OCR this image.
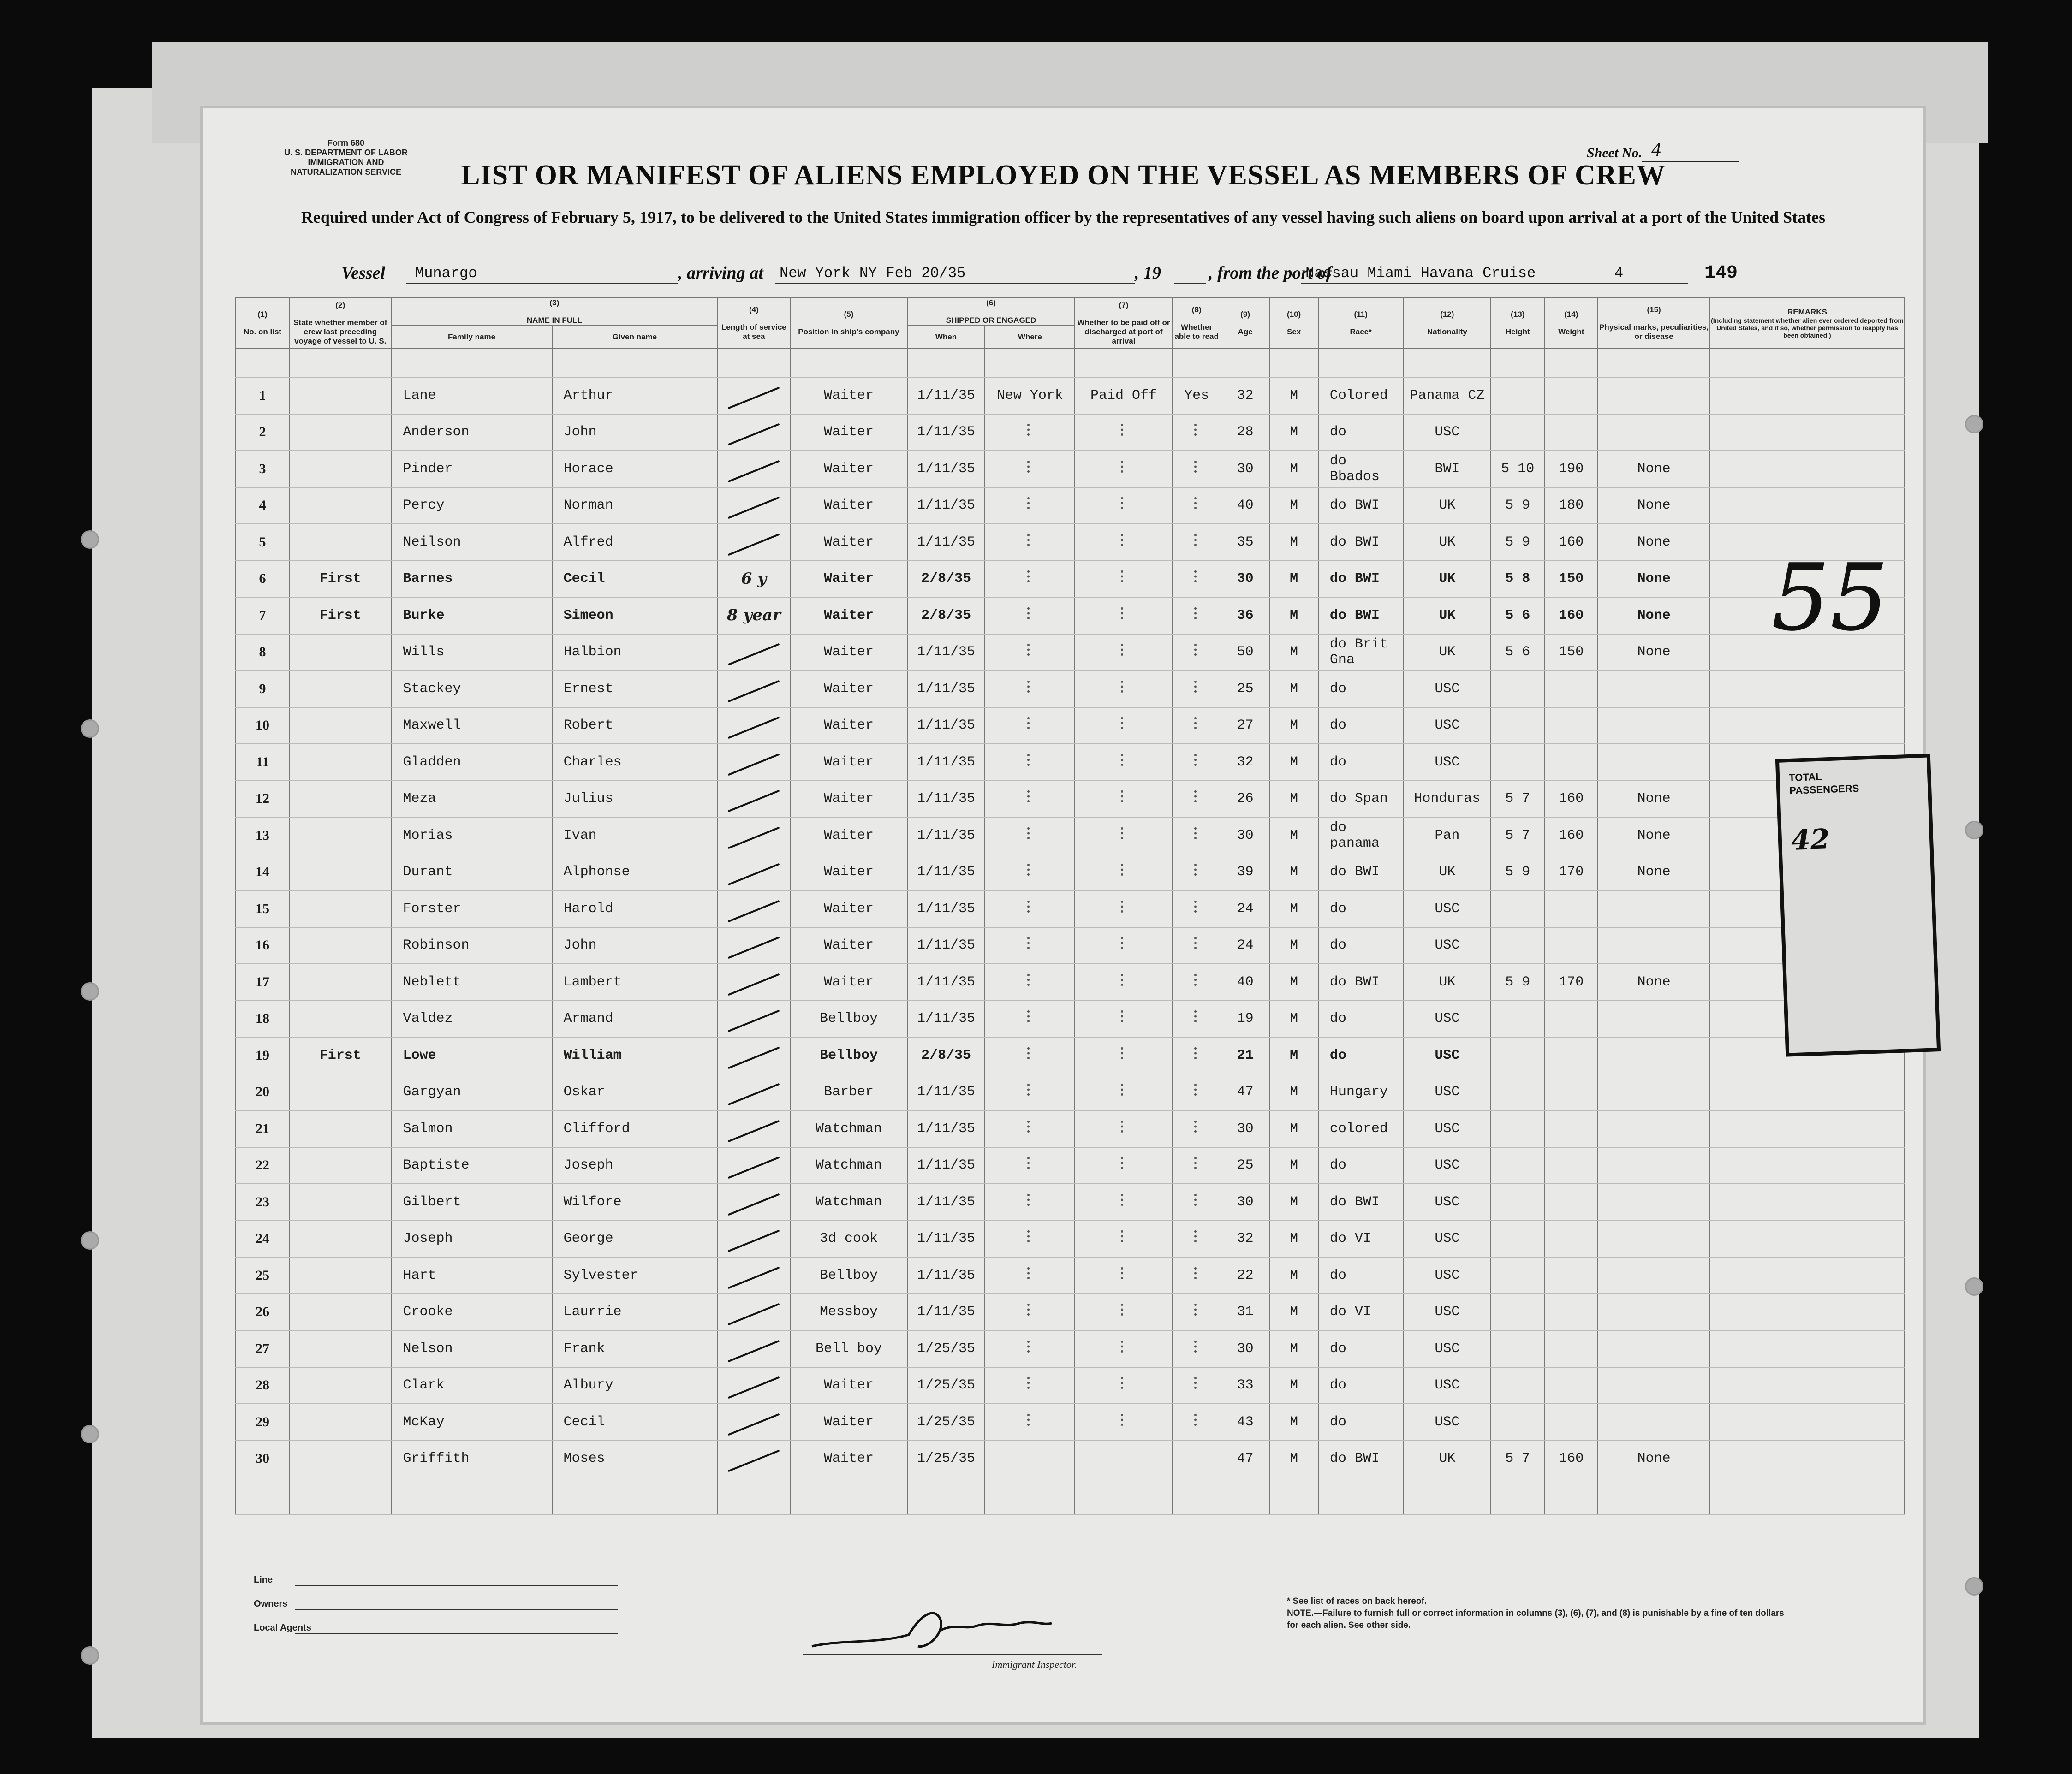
Form 680
U. S. DEPARTMENT OF LABOR
IMMIGRATION AND NATURALIZATION SERVICE
Sheet No. 4
LIST OR MANIFEST OF ALIENS EMPLOYED ON THE VESSEL AS MEMBERS OF CREW
Required under Act of Congress of February 5, 1917, to be delivered to the United States immigration officer by the representatives of any vessel having such aliens on board upon arrival at a port of the United States
Vessel Munargo	, arriving at New York NY Feb 20/35	, 19	, from the port of
Nassau Miami Havana Cruise	4	149
(1)
No. on list	(2)
State whether member of crew last preceding voyage of vessel to U. S.	(3)
NAME IN FULL		(4)
Length of service at sea	(5)
Position in ship's company	(6)
SHIPPED OR ENGAGED		(7)
Whether to be paid off or discharged at port of arrival	(8)
Whether able to read	(9)
Age	(10)
Sex	(11)
Race*	(12)
Nationality	(13)
Height	(14)
Weight	(15)
Physical marks, peculiarities, or disease	REMARKS
(Including statement whether alien ever ordered deported from United States, and if so, whether permission to reapply has been obtained.)

		Family name	Given name			When	Where										

1		Lane	Arthur		Waiter	1/11/35	New York	Paid Off	Yes	32	M	Colored	Panama CZ				
2		Anderson	John		Waiter	1/11/35				28	M	do	USC				
3		Pinder	Horace		Waiter	1/11/35				30	M	do Bbados	BWI	5 10	190	None	
4		Percy	Norman		Waiter	1/11/35				40	M	do BWI	UK	5 9	180	None	
5		Neilson	Alfred		Waiter	1/11/35				35	M	do BWI	UK	5 9	160	None	
6	First	Barnes	Cecil	6 y	Waiter	2/8/35				30	M	do BWI	UK	5 8	150	None	
7	First	Burke	Simeon	8 year	Waiter	2/8/35				36	M	do BWI	UK	5 6	160	None	
8		Wills	Halbion		Waiter	1/11/35				50	M	do Brit Gna	UK	5 6	150	None	
9		Stackey	Ernest		Waiter	1/11/35				25	M	do	USC				
10		Maxwell	Robert		Waiter	1/11/35				27	M	do	USC				
11		Gladden	Charles		Waiter	1/11/35				32	M	do	USC				
12		Meza	Julius		Waiter	1/11/35				26	M	do Span	Honduras	5 7	160	None	
13		Morias	Ivan		Waiter	1/11/35				30	M	do panama	Pan	5 7	160	None	
14		Durant	Alphonse		Waiter	1/11/35				39	M	do BWI	UK	5 9	170	None	
15		Forster	Harold		Waiter	1/11/35				24	M	do	USC				
16		Robinson	John		Waiter	1/11/35				24	M	do	USC				
17		Neblett	Lambert		Waiter	1/11/35				40	M	do BWI	UK	5 9	170	None	
18		Valdez	Armand		Bellboy	1/11/35				19	M	do	USC				
19	First	Lowe	William		Bellboy	2/8/35				21	M	do	USC				
20		Gargyan	Oskar		Barber	1/11/35				47	M	Hungary	USC				
21		Salmon	Clifford		Watchman	1/11/35				30	M	colored	USC				
22		Baptiste	Joseph		Watchman	1/11/35				25	M	do	USC				
23		Gilbert	Wilfore		Watchman	1/11/35				30	M	do BWI	USC				
24		Joseph	George		3d cook	1/11/35				32	M	do VI	USC				
25		Hart	Sylvester		Bellboy	1/11/35				22	M	do	USC				
26		Crooke	Laurrie		Messboy	1/11/35				31	M	do VI	USC				
27		Nelson	Frank		Bell boy	1/25/35				30	M	do	USC				
28		Clark	Albury		Waiter	1/25/35				33	M	do	USC				
29		McKay	Cecil		Waiter	1/25/35				43	M	do	USC				
30		Griffith	Moses		Waiter	1/25/35				47	M	do BWI	UK	5 7	160	None	

Line
Owners
Local Agents
Immigrant Inspector.
* See list of races on back hereof.
NOTE.—Failure to furnish full or correct information in columns (3), (6), (7), and (8) is punishable by a fine of ten dollars for each alien. See other side.
55
TOTAL
PASSENGERS
42
